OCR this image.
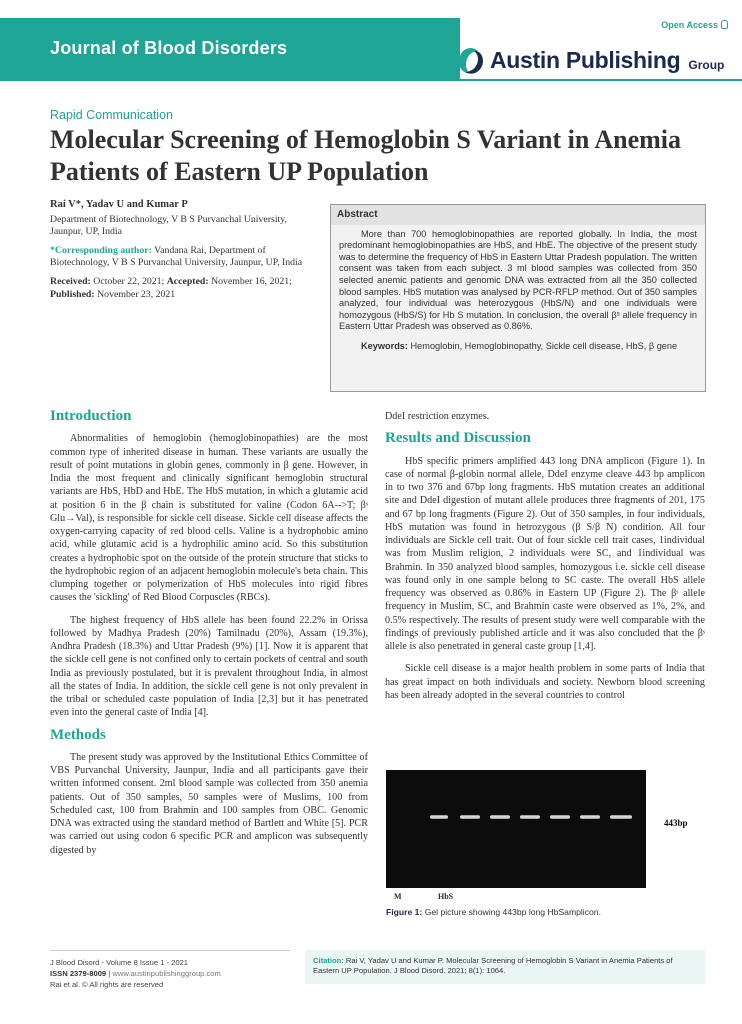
Open Access
Journal of Blood Disorders	Austin Publishing Group
Rapid Communication
Molecular Screening of Hemoglobin S Variant in Anemia Patients of Eastern UP Population

Rai V*, Yadav U and Kumar P

Department of Biotechnology, V B S Purvanchal University, Jaunpur, UP, India

*Corresponding author: Vandana Rai, Department of Biotechnology, V B S Purvanchal University, Jaunpur, UP, India

Received: October 22, 2021; Accepted: November 16, 2021; Published: November 23, 2021

Abstract
More than 700 hemoglobinopathies are reported globally. In India, the most predominant hemoglobinopathies are HbS, and HbE. The objective of the present study was to determine the frequency of HbS in Eastern Uttar Pradesh population. The written consent was taken from each subject. 3 ml blood samples was collected from 350 selected anemic patients and genomic DNA was extracted from all the 350 collected blood samples. HbS mutation was analysed by PCR-RFLP method. Out of 350 samples analyzed, four individual was heterozygous (HbS/N) and one individuals were homozygous (HbS/S) for Hb S mutation. In conclusion, the overall βˢ allele frequency in Eastern Uttar Pradesh was observed as 0.86%.
Keywords: Hemoglobin, Hemoglobinopathy, Sickle cell disease, HbS, β gene
Introduction

Abnormalities of hemoglobin (hemoglobinopathies) are the most common type of inherited disease in human. These variants are usually the result of point mutations in globin genes, commonly in β gene. However, in India the most frequent and clinically significant hemoglobin structural variants are HbS, HbD and HbE. The HbS mutation, in which a glutamic acid at position 6 in the β chain is substituted for valine (Codon 6A-->T; βˢ Glu→Val), is responsible for sickle cell disease. Sickle cell disease affects the oxygen-carrying capacity of red blood cells. Valine is a hydrophobic amino acid, while glutamic acid is a hydrophilic amino acid. So this substitution creates a hydrophobic spot on the outside of the protein structure that sticks to the hydrophobic region of an adjacent hemoglobin molecule's beta chain. This clumping together or polymerization of HbS molecules into rigid fibres causes the 'sickling' of Red Blood Corpuscles (RBCs).

The highest frequency of HbS allele has been found 22.2% in Orissa followed by Madhya Pradesh (20%) Tamilnadu (20%), Assam (19.3%), Andhra Pradesh (18.3%) and Uttar Pradesh (9%) [1]. Now it is apparent that the sickle cell gene is not confined only to certain pockets of central and south India as previously postulated, but it is prevalent throughout India, in almost all the states of India. In addition, the sickle cell gene is not only prevalent in the tribal or scheduled caste population of India [2,3] but it has penetrated even into the general caste of India [4].

Methods

The present study was approved by the Institutional Ethics Committee of VBS Purvanchal University, Jaunpur, India and all participants gave their written informed consent. 2ml blood sample was collected from 350 anemia patients. Out of 350 samples, 50 samples were of Muslims, 100 from Scheduled cast, 100 from Brahmin and 100 samples from OBC. Genomic DNA was extracted using the standard method of Bartlett and White [5]. PCR was carried out using codon 6 specific PCR and amplicon was subsequently digested by

DdeI restriction enzymes.

Results and Discussion

HbS specific primers amplified 443 long DNA amplicon (Figure 1). In case of normal β-globin normal allele, DdeI enzyme cleave 443 bp amplicon in to two 376 and 67bp long fragments. HbS mutation creates an additional site and DdeI digestion of mutant allele produces three fragments of 201, 175 and 67 bp long fragments (Figure 2). Out of 350 samples, in four individuals, HbS mutation was found in hetrozygous (β S/β N) condition. All four individuals are Sickle cell trait. Out of four sickle cell trait cases, 1individual was from Muslim religion, 2 individuals were SC, and 1individual was Brahmin. In 350 analyzed blood samples, homozygous i.e. sickle cell disease was found only in one sample belong to SC caste. The overall HbS allele frequency was observed as 0.86% in Eastern UP (Figure 2). The βˢ allele frequency in Muslim, SC, and Brahmin caste were observed as 1%, 2%, and 0.5% respectively. The results of present study were well comparable with the findings of previously published article and it was also concluded that the βˢ allele is also penetrated in general caste group [1,4].

Sickle cell disease is a major health problem in some parts of India that has great impact on both individuals and society. Newborn blood screening has been already adopted in the several countries to control

443bp
M	HbS
Figure 1: Gel picture showing 443bp long HbSamplicon.
J Blood Disord - Volume 8 Issue 1 - 2021
ISSN 2379-8009 | www.austinpublishinggroup.com
Rai et al. © All rights are reserved
Citation: Rai V, Yadav U and Kumar P. Molecular Screening of Hemoglobin S Variant in Anemia Patients of Eastern UP Population. J Blood Disord. 2021; 8(1): 1064.
